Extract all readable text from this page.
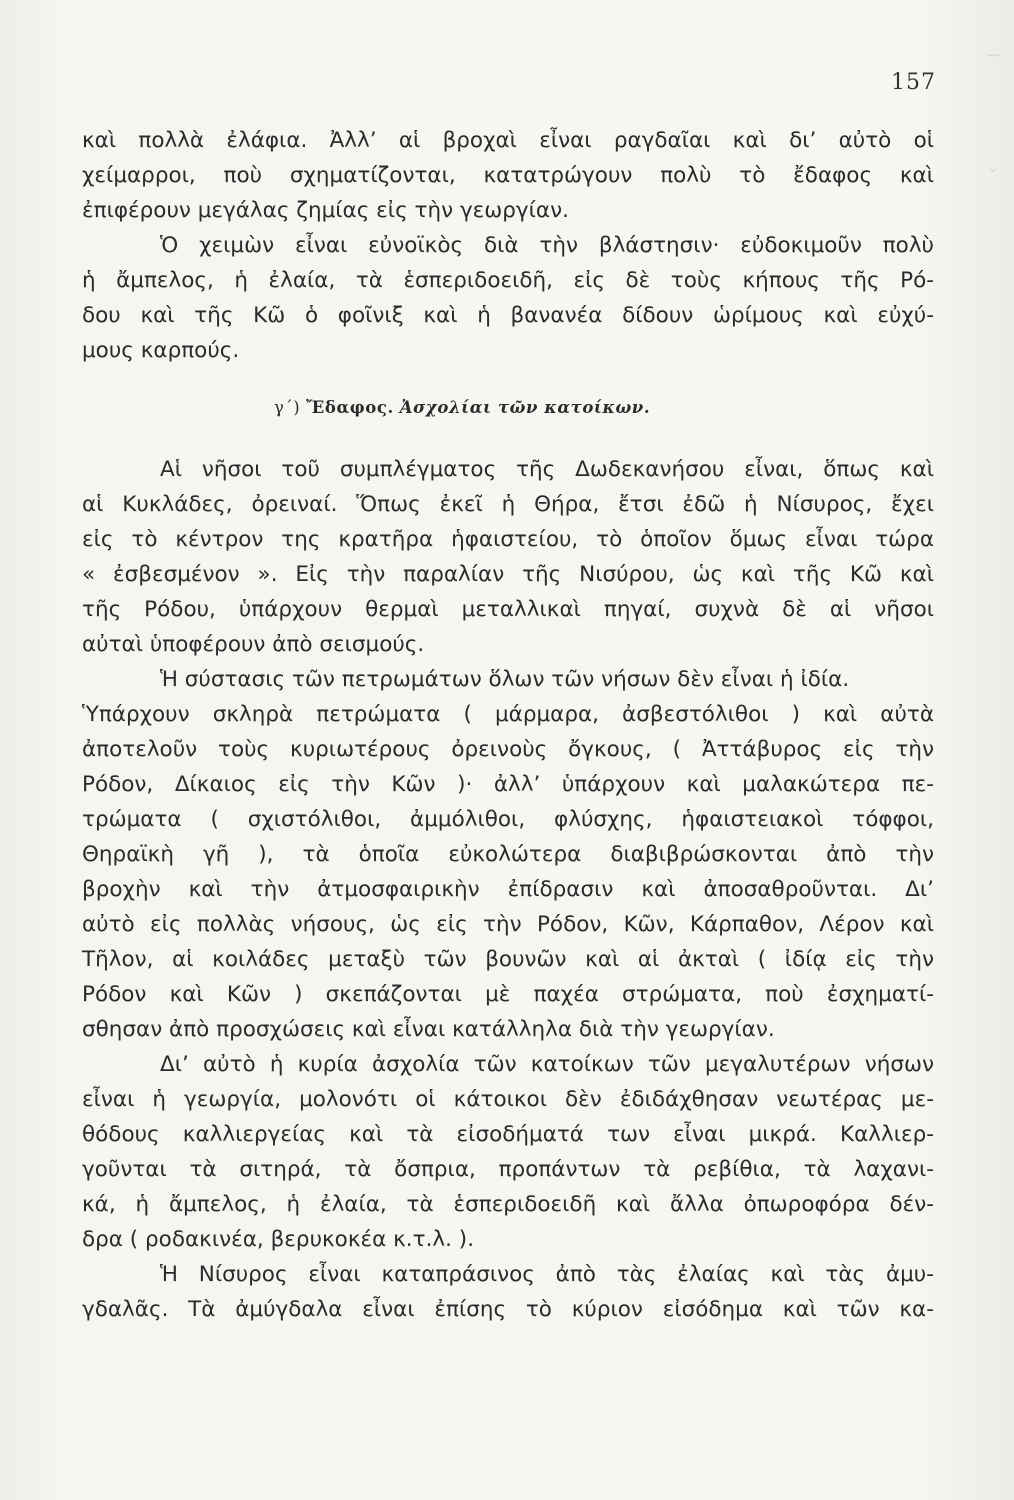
‿
ˇ
157
καὶ πολλὰ ἐλάφια. Ἀλλ’ αἱ βροχαὶ εἶναι ραγδαῖαι καὶ δι’ αὐτὸ οἱ
χείμαρροι, ποὺ σχηματίζονται, κατατρώγουν πολὺ τὸ ἔδαφος καὶ
ἐπιφέρουν μεγάλας ζημίας εἰς τὴν γεωργίαν.
Ὁ χειμὼν εἶναι εὐνοϊκὸς διὰ τὴν βλάστησιν· εὐδοκιμοῦν πολὺ
ἡ ἄμπελος, ἡ ἐλαία, τὰ ἑσπεριδοειδῆ, εἰς δὲ τοὺς κήπους τῆς Ρό-
δου καὶ τῆς Κῶ ὁ φοῖνιξ καὶ ἡ βανανέα δίδουν ὡρίμους καὶ εὐχύ-
μους καρπούς.
γ΄) Ἔδαφος. Ἀσχολίαι τῶν κατοίκων.
Αἱ νῆσοι τοῦ συμπλέγματος τῆς Δωδεκανήσου εἶναι, ὅπως καὶ
αἱ Κυκλάδες, ὀρειναί. Ὅπως ἐκεῖ ἡ Θήρα, ἔτσι ἐδῶ ἡ Νίσυρος, ἔχει
εἰς τὸ κέντρον της κρατῆρα ἡφαιστείου, τὸ ὁποῖον ὅμως εἶναι τώρα
« ἐσβεσμένον ». Εἰς τὴν παραλίαν τῆς Νισύρου, ὡς καὶ τῆς Κῶ καὶ
τῆς Ρόδου, ὑπάρχουν θερμαὶ μεταλλικαὶ πηγαί, συχνὰ δὲ αἱ νῆσοι
αὐταὶ ὑποφέρουν ἀπὸ σεισμούς.
Ἡ σύστασις τῶν πετρωμάτων ὅλων τῶν νήσων δὲν εἶναι ἡ ἰδία.
Ὑπάρχουν σκληρὰ πετρώματα ( μάρμαρα, ἀσβεστόλιθοι ) καὶ αὐτὰ
ἀποτελοῦν τοὺς κυριωτέρους ὀρεινοὺς ὄγκους, ( Ἀττάβυρος εἰς τὴν
Ρόδον, Δίκαιος εἰς τὴν Κῶν )· ἀλλ’ ὑπάρχουν καὶ μαλακώτερα πε-
τρώματα ( σχιστόλιθοι, ἀμμόλιθοι, φλύσχης, ἡφαιστειακοὶ τόφφοι,
Θηραϊκὴ γῆ ), τὰ ὁποῖα εὐκολώτερα διαβιβρώσκονται ἀπὸ τὴν
βροχὴν καὶ τὴν ἀτμοσφαιρικὴν ἐπίδρασιν καὶ ἀποσαθροῦνται. Δι’
αὐτὸ εἰς πολλὰς νήσους, ὡς εἰς τὴν Ρόδον, Κῶν, Κάρπαθον, Λέρον καὶ
Τῆλον, αἱ κοιλάδες μεταξὺ τῶν βουνῶν καὶ αἱ ἀκταὶ ( ἰδίᾳ εἰς τὴν
Ρόδον καὶ Κῶν ) σκεπάζονται μὲ παχέα στρώματα, ποὺ ἐσχηματί-
σθησαν ἀπὸ προσχώσεις καὶ εἶναι κατάλληλα διὰ τὴν γεωργίαν.
Δι’ αὐτὸ ἡ κυρία ἀσχολία τῶν κατοίκων τῶν μεγαλυτέρων νήσων
εἶναι ἡ γεωργία, μολονότι οἱ κάτοικοι δὲν ἐδιδάχθησαν νεωτέρας με-
θόδους καλλιεργείας καὶ τὰ εἰσοδήματά των εἶναι μικρά. Καλλιερ-
γοῦνται τὰ σιτηρά, τὰ ὄσπρια, προπάντων τὰ ρεβίθια, τὰ λαχανι-
κά, ἡ ἄμπελος, ἡ ἐλαία, τὰ ἑσπεριδοειδῆ καὶ ἄλλα ὀπωροφόρα δέν-
δρα ( ροδακινέα, βερυκοκέα κ.τ.λ. ).
Ἡ Νίσυρος εἶναι καταπράσινος ἀπὸ τὰς ἐλαίας καὶ τὰς ἀμυ-
γδαλᾶς. Τὰ ἀμύγδαλα εἶναι ἐπίσης τὸ κύριον εἰσόδημα καὶ τῶν κα-
